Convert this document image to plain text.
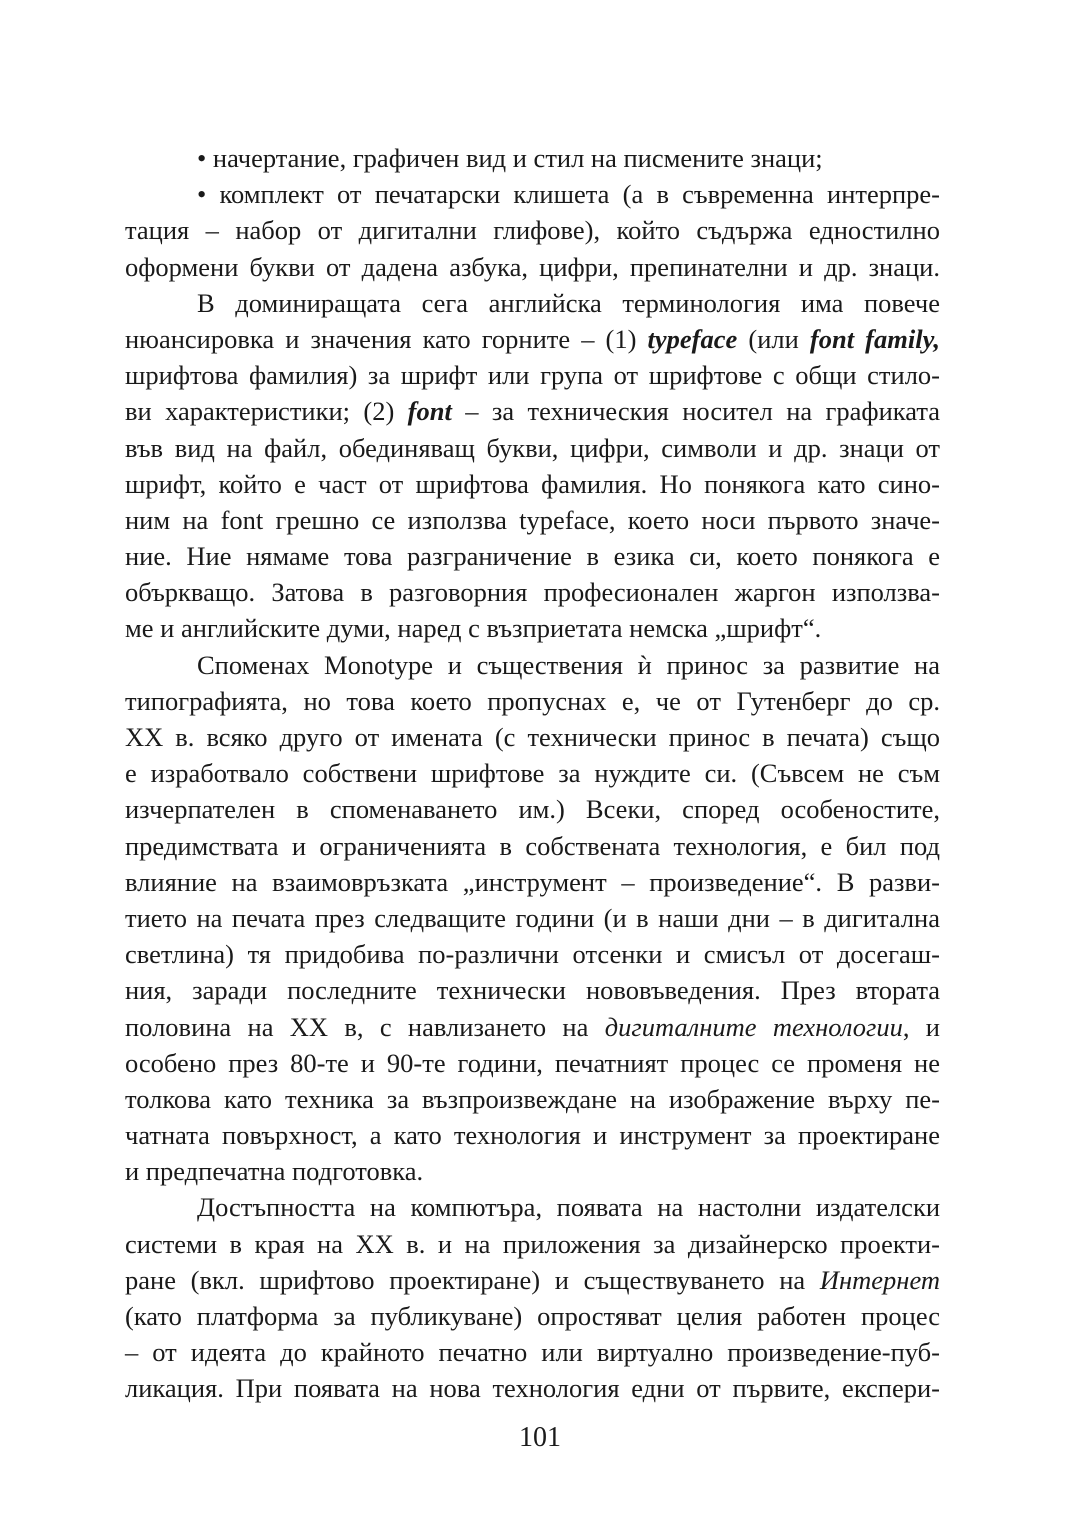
• начертание, графичен вид и стил на писмените знаци;
• комплект от печатарски клишета (а в съвременна интерпре-
тация – набор от дигитални глифове), който съдържа едностилно
оформени букви от дадена азбука, цифри, препинателни и др. знаци.
В доминиращата сега английска терминология има повече
нюансировка и значения като горните – (1) typeface (или font family,
шрифтова фамилия) за шрифт или група от шрифтове с общи стило-
ви характеристики; (2) font – за техническия носител на графиката
във вид на файл, обединяващ букви, цифри, символи и др. знаци от
шрифт, който е част от шрифтова фамилия. Но понякога като сино-
ним на font грешно се използва typeface, което носи първото значе-
ние. Ние нямаме това разграничение в езика си, което понякога е
объркващо. Затова в разговорния професионален жаргон използва-
ме и английските думи, наред с възприетата немска „шрифт“.
Споменах Monotype и съществения ѝ принос за развитие на
типографията, но това което пропуснах е, че от Гутенберг до ср.
XX в. всяко друго от имената (с технически принос в печата) също
е изработвало собствени шрифтове за нуждите си. (Съвсем не съм
изчерпателен в споменаването им.) Всеки, според особеностите,
предимствата и ограниченията в собствената технология, е бил под
влияние на взаимовръзката „инструмент – произведение“. В разви-
тието на печата през следващите години (и в наши дни – в дигитална
светлина) тя придобива по-различни отсенки и смисъл от досегаш-
ния, заради последните технически нововъведения. През втората
половина на XX в, с навлизането на дигиталните технологии, и
особено през 80-те и 90-те години, печатният процес се променя не
толкова като техника за възпроизвеждане на изображение върху пе-
чатната повърхност, а като технология и инструмент за проектиране
и предпечатна подготовка.
Достъпността на компютъра, появата на настолни издателски
системи в края на XX в. и на приложения за дизайнерско проекти-
ране (вкл. шрифтово проектиране) и съществуването на Интернет
(като платформа за публикуване) опростяват целия работен процес
– от идеята до крайното печатно или виртуално произведение-пуб-
ликация. При появата на нова технология едни от първите, експери-
101
